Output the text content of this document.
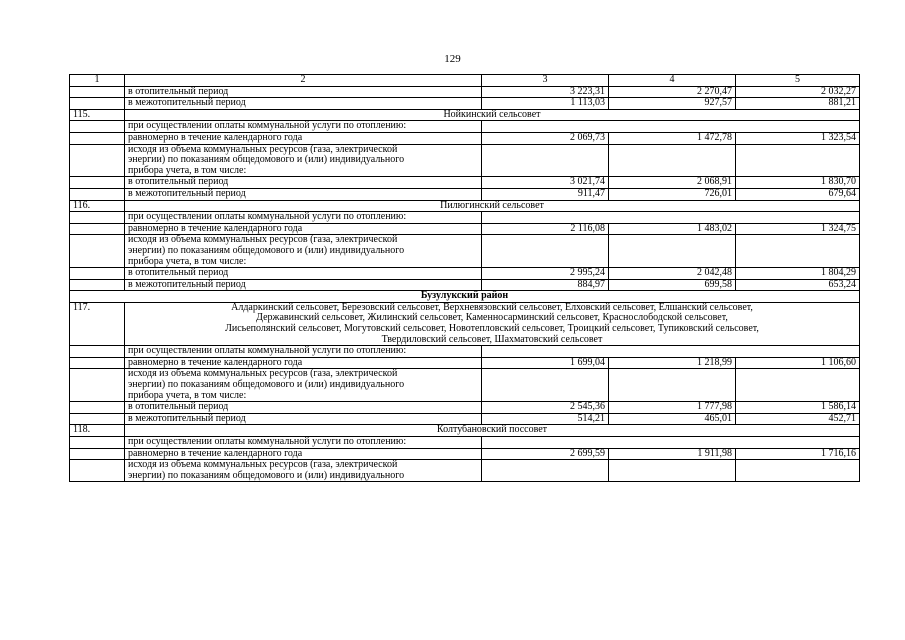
129
1	2	3	4	5
	в отопительный период	3 223,31	2 270,47	2 032,27
	в межотопительный период	1 113,03	927,57	881,21
115.	Нойкинский сельсовет			
	при осуществлении оплаты коммунальной услуги по отоплению:			
	равномерно в течение календарного года	2 069,73	1 472,78	1 323,54

	исходя из объема коммунальных ресурсов (газа, электрической
энергии) по показаниям общедомового и (или) индивидуального
прибора учета, в том числе:			

	в отопительный период	3 021,74	2 068,91	1 830,70
	в межотопительный период	911,47	726,01	679,64
116.	Пилюгинский сельсовет			
	при осуществлении оплаты коммунальной услуги по отоплению:			
	равномерно в течение календарного года	2 116,08	1 483,02	1 324,75

	исходя из объема коммунальных ресурсов (газа, электрической
энергии) по показаниям общедомового и (или) индивидуального
прибора учета, в том числе:			

	в отопительный период	2 995,24	2 042,48	1 804,29
	в межотопительный период	884,97	699,58	653,24
Бузулукский район				
117.	Алдаркинский сельсовет, Березовский сельсовет, Верхневязовский сельсовет, Елховский сельсовет, Елшанский сельсовет,
Державинский сельсовет, Жилинский сельсовет, Каменносарминский сельсовет, Краснослободской сельсовет,
Лисьеполянский сельсовет, Могутовский сельсовет, Новотепловский сельсовет, Троицкий сельсовет, Тупиковский сельсовет,
Твердиловский сельсовет, Шахматовский сельсовет			

	при осуществлении оплаты коммунальной услуги по отоплению:			
	равномерно в течение календарного года	1 699,04	1 218,99	1 106,60

	исходя из объема коммунальных ресурсов (газа, электрической
энергии) по показаниям общедомового и (или) индивидуального
прибора учета, в том числе:			

	в отопительный период	2 545,36	1 777,98	1 586,14
	в межотопительный период	514,21	465,01	452,71
118.	Колтубановский поссовет			
	при осуществлении оплаты коммунальной услуги по отоплению:			
	равномерно в течение календарного года	2 699,59	1 911,98	1 716,16

	исходя из объема коммунальных ресурсов (газа, электрической
энергии) по показаниям общедомового и (или) индивидуального			
